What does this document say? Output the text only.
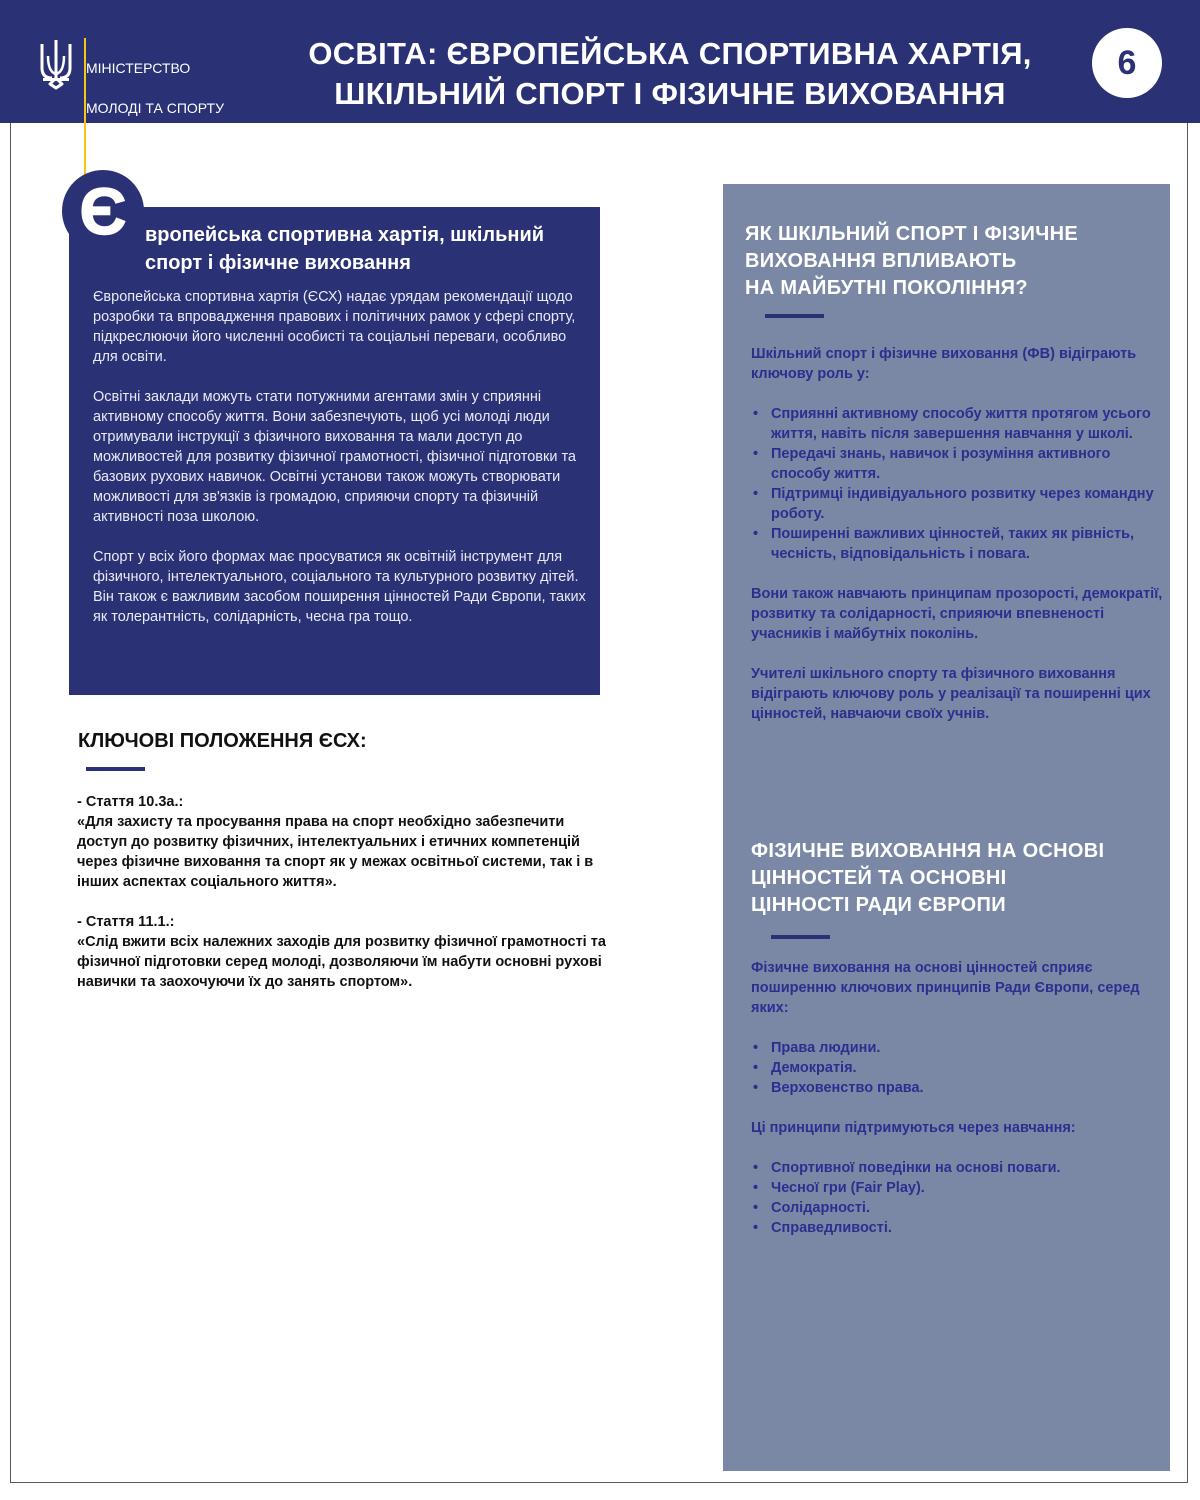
МІНІСТЕРСТВО

МОЛОДІ ТА СПОРТУ

УКРАЇНИ

ОСВІТА: ЄВРОПЕЙСЬКА СПОРТИВНА ХАРТІЯ,
ШКІЛЬНИЙ СПОРТ І ФІЗИЧНЕ ВИХОВАННЯ
6
вропейська спортивна хартія, шкільний
спорт і фізичне виховання

Європейська спортивна хартія (ЄСХ) надає урядам рекомендації щодо розробки та впровадження правових і політичних рамок у сфері спорту, підкреслюючи його численні особисті та соціальні переваги, особливо для освіти.

Освітні заклади можуть стати потужними агентами змін у сприянні активному способу життя. Вони забезпечують, щоб усі молоді люди отримували інструкції з фізичного виховання та мали доступ до можливостей для розвитку фізичної грамотності, фізичної підготовки та базових рухових навичок. Освітні установи також можуть створювати можливості для зв'язків із громадою, сприяючи спорту та фізичній активності поза школою.

Спорт у всіх його формах має просуватися як освітній інструмент для фізичного, інтелектуального, соціального та культурного розвитку дітей. Він також є важливим засобом поширення цінностей Ради Європи, таких як толерантність, солідарність, чесна гра тощо.

Є
КЛЮЧОВІ ПОЛОЖЕННЯ ЄСХ:
- Стаття 10.3а.:
«Для захисту та просування права на спорт необхідно забезпечити доступ до розвитку фізичних, інтелектуальних і етичних компетенцій через фізичне виховання та спорт як у межах освітньої системи, так і в інших аспектах соціального життя».
- Стаття 11.1.:
«Слід вжити всіх належних заходів для розвитку фізичної грамотності та фізичної підготовки серед молоді, дозволяючи їм набути основні рухові навички та заохочуючи їх до занять спортом».
ЯК ШКІЛЬНИЙ СПОРТ І ФІЗИЧНЕ
ВИХОВАННЯ ВПЛИВАЮТЬ
НА МАЙБУТНІ ПОКОЛІННЯ?

Шкільний спорт і фізичне виховання (ФВ) відіграють ключову роль у:

• Сприянні активному способу життя протягом усього життя, навіть після завершення навчання у школі.
• Передачі знань, навичок і розуміння активного способу життя.
• Підтримці індивідуального розвитку через командну роботу.
• Поширенні важливих цінностей, таких як рівність, чесність, відповідальність і повага.

Вони також навчають принципам прозорості, демократії, розвитку та солідарності, сприяючи впевненості учасників і майбутніх поколінь.

Учителі шкільного спорту та фізичного виховання відіграють ключову роль у реалізації та поширенні цих цінностей, навчаючи своїх учнів.

ФІЗИЧНЕ ВИХОВАННЯ НА ОСНОВІ
ЦІННОСТЕЙ ТА ОСНОВНІ
ЦІННОСТІ РАДИ ЄВРОПИ

Фізичне виховання на основі цінностей сприяє поширенню ключових принципів Ради Європи, серед яких:

• Права людини.
• Демократія.
• Верховенство права.

Ці принципи підтримуються через навчання:

• Спортивної поведінки на основі поваги.
• Чесної гри (Fair Play).
• Солідарності.
• Справедливості.
